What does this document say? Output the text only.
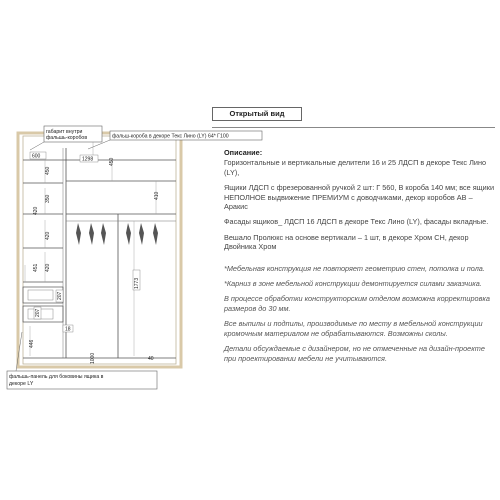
габарит внутри фальшь-коробов	фальш-короба в декоре Текс Лино (LY) 64* Г100
фальшь-панель для боковины ящика в декоре LY
600	1298
450
450
350	410
420
420
451 420
1773
207
207
18
446
1000	40
Открытый вид

Описание:

Горизонтальные и вертикальные делители 16 и 25 ЛДСП в декоре Текс Лино (LY),

Ящики ЛДСП с фрезерованной ручкой 2 шт: Г 560, В короба 140 мм; все ящики НЕПОЛНОЕ выдвижение ПРЕМИУМ с доводчиками, декор коробов АВ – Аракис

Фасады ящиков_ ЛДСП 16 ЛДСП в декоре Текс Лино (LY), фасады вкладные.

Вешало Пролюкс на основе вертикали – 1 шт, в декоре Хром СН, декор Двойника Хром

*Мебельная конструкция не повторяет геометрию стен, потолка и пола.

*Карниз в зоне мебельной конструкции демонтируется силами заказчика.

В процессе обработки конструкторским отделом возможна корректировка размеров до 30 мм.

Все выпилы и подпилы, производимые по месту в мебельной конструкции кромочным материалом не обрабатываются. Возможны сколы.

Детали обсуждаемые с дизайнером, но не отмеченные на дизайн-проекте при проектировании мебели не учитываются.
